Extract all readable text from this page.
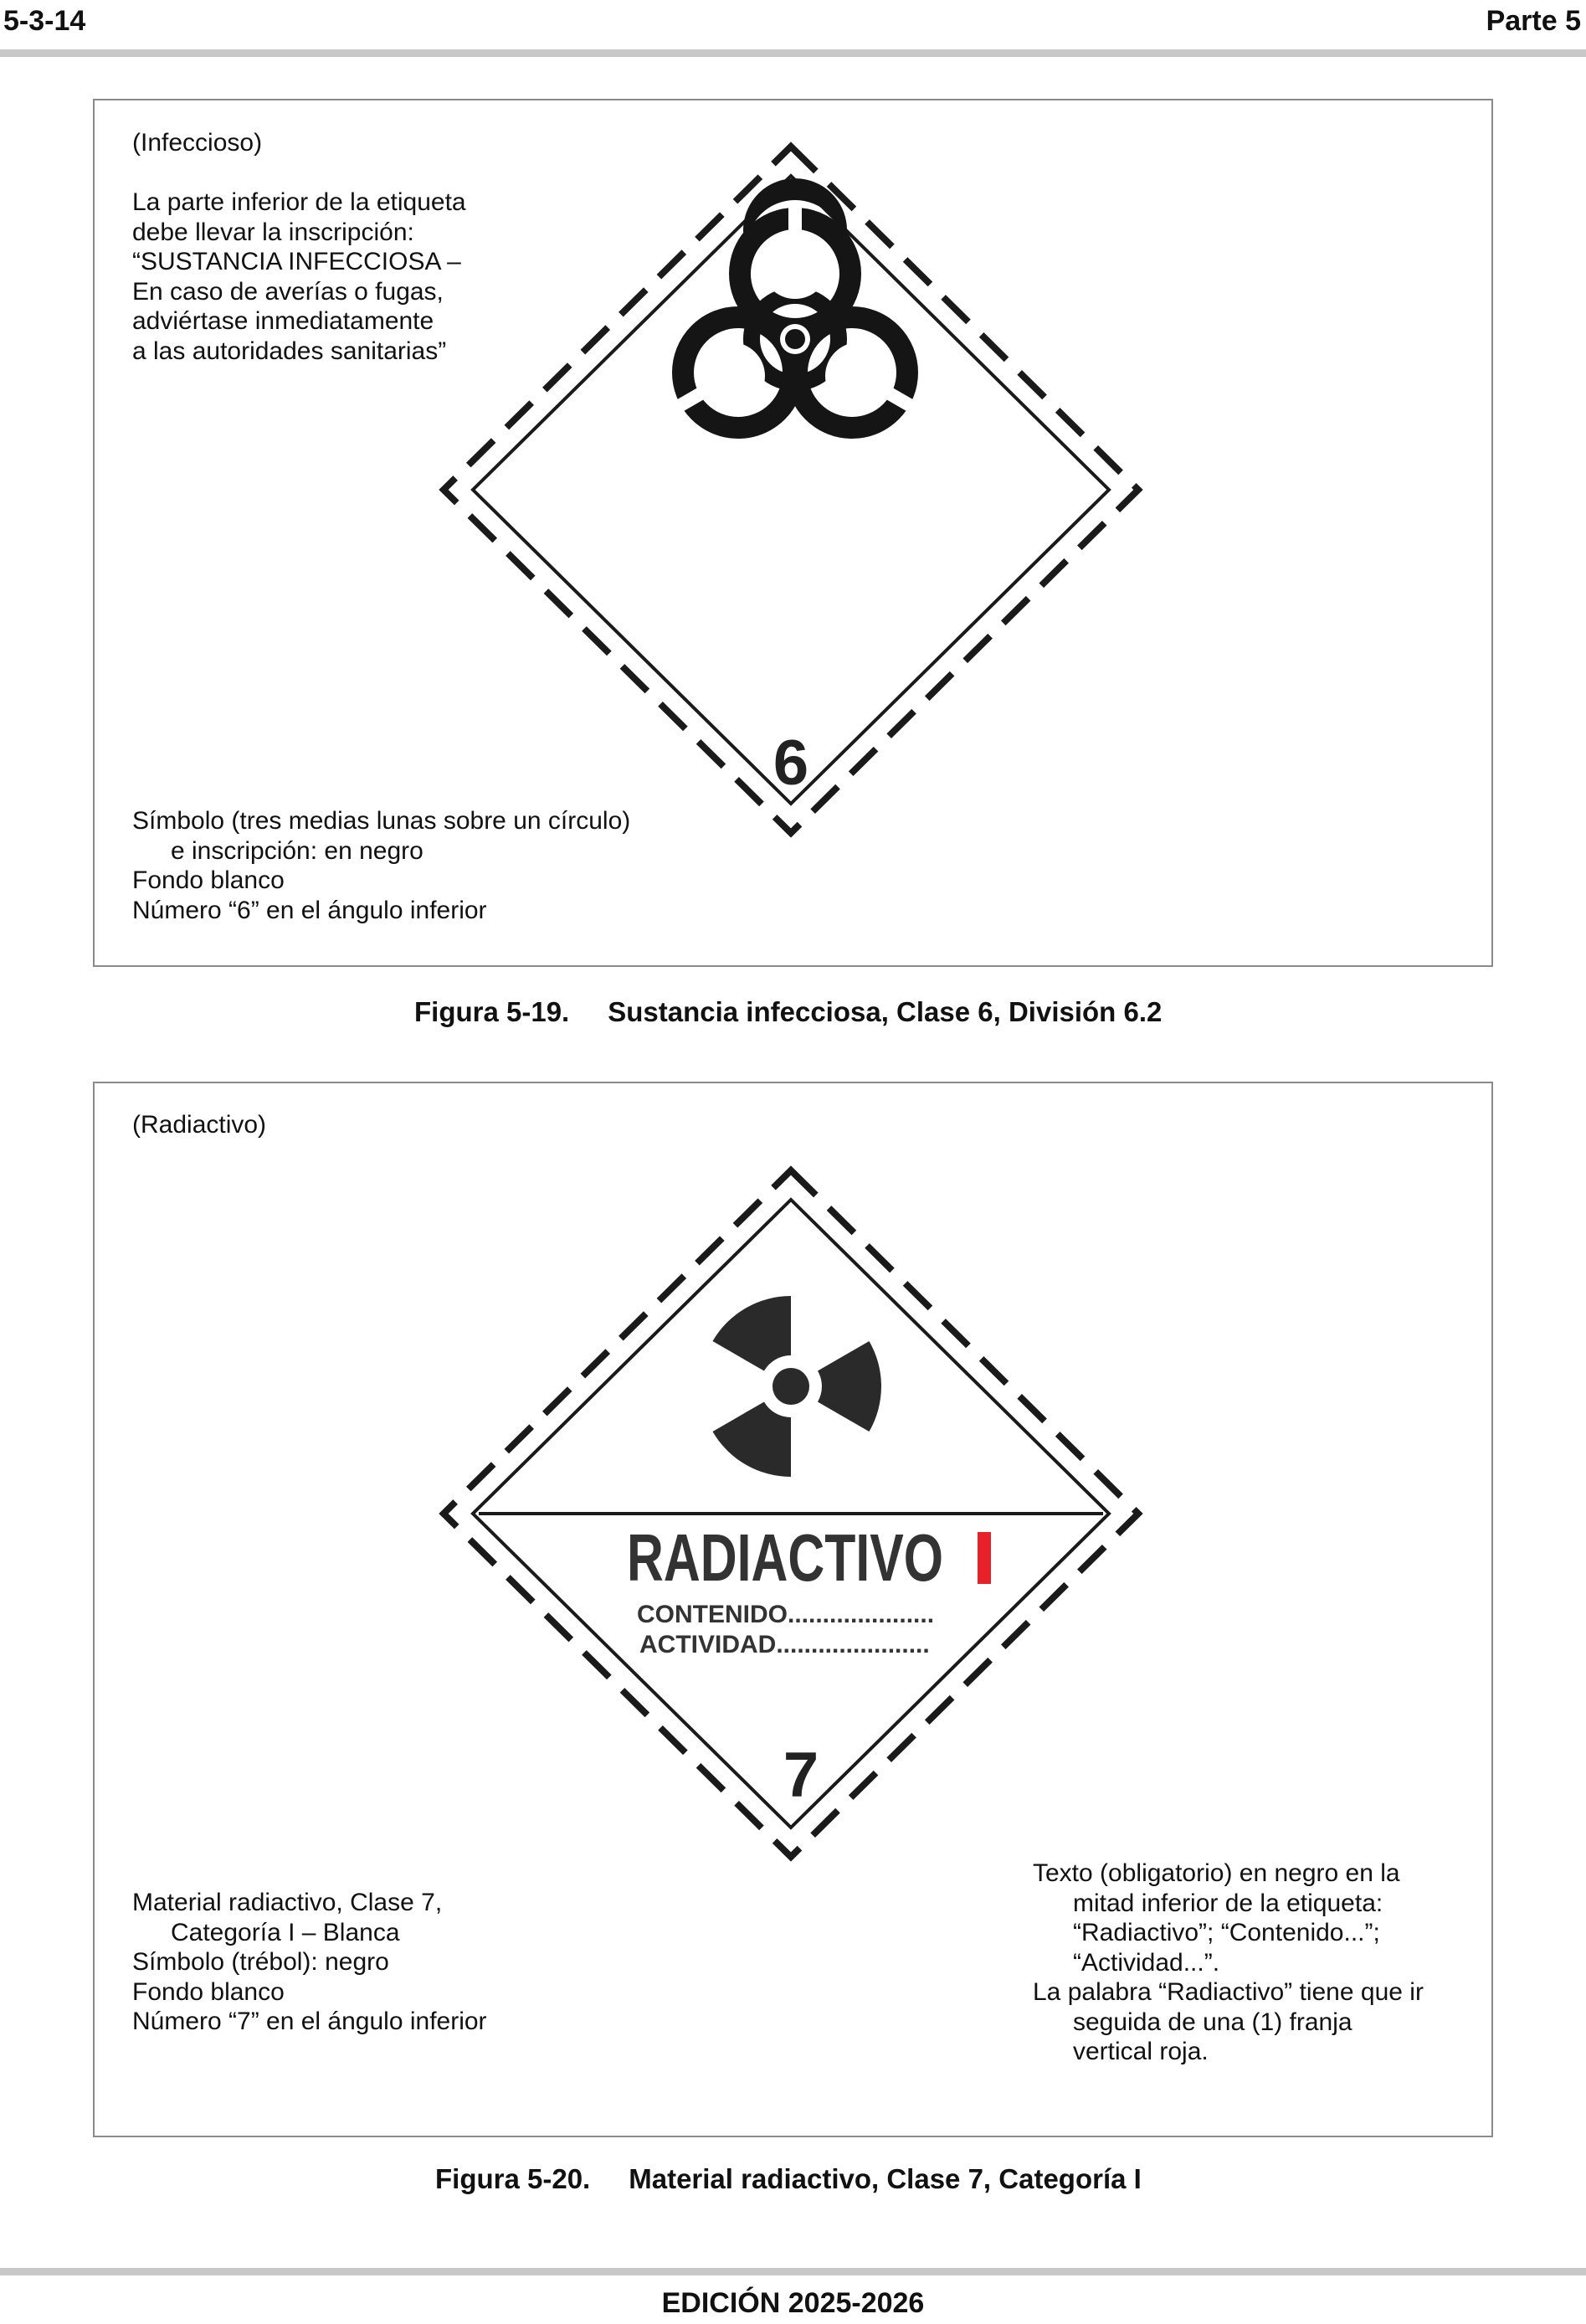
5-3-14	Parte 5
(Infeccioso)
La parte inferior de la etiqueta
debe llevar la inscripción:
“SUSTANCIA INFECCIOSA –
En caso de averías o fugas,
adviértase inmediatamente
a las autoridades sanitarias”
6
Símbolo (tres medias lunas sobre un círculo)
e inscripción: en negro
Fondo blanco
Número “6” en el ángulo inferior
Figura 5-19. Sustancia infecciosa, Clase 6, División 6.2
(Radiactivo)
RADIACTIVO
CONTENIDO.....................
ACTIVIDAD......................
7
Material radiactivo, Clase 7,
Categoría I – Blanca
Símbolo (trébol): negro
Fondo blanco
Número “7” en el ángulo inferior
Texto (obligatorio) en negro en la
mitad inferior de la etiqueta:
“Radiactivo”; “Contenido...”;
“Actividad...”.
La palabra “Radiactivo” tiene que ir
seguida de una (1) franja
vertical roja.
Figura 5-20. Material radiactivo, Clase 7, Categoría I
EDICIÓN 2025-2026
